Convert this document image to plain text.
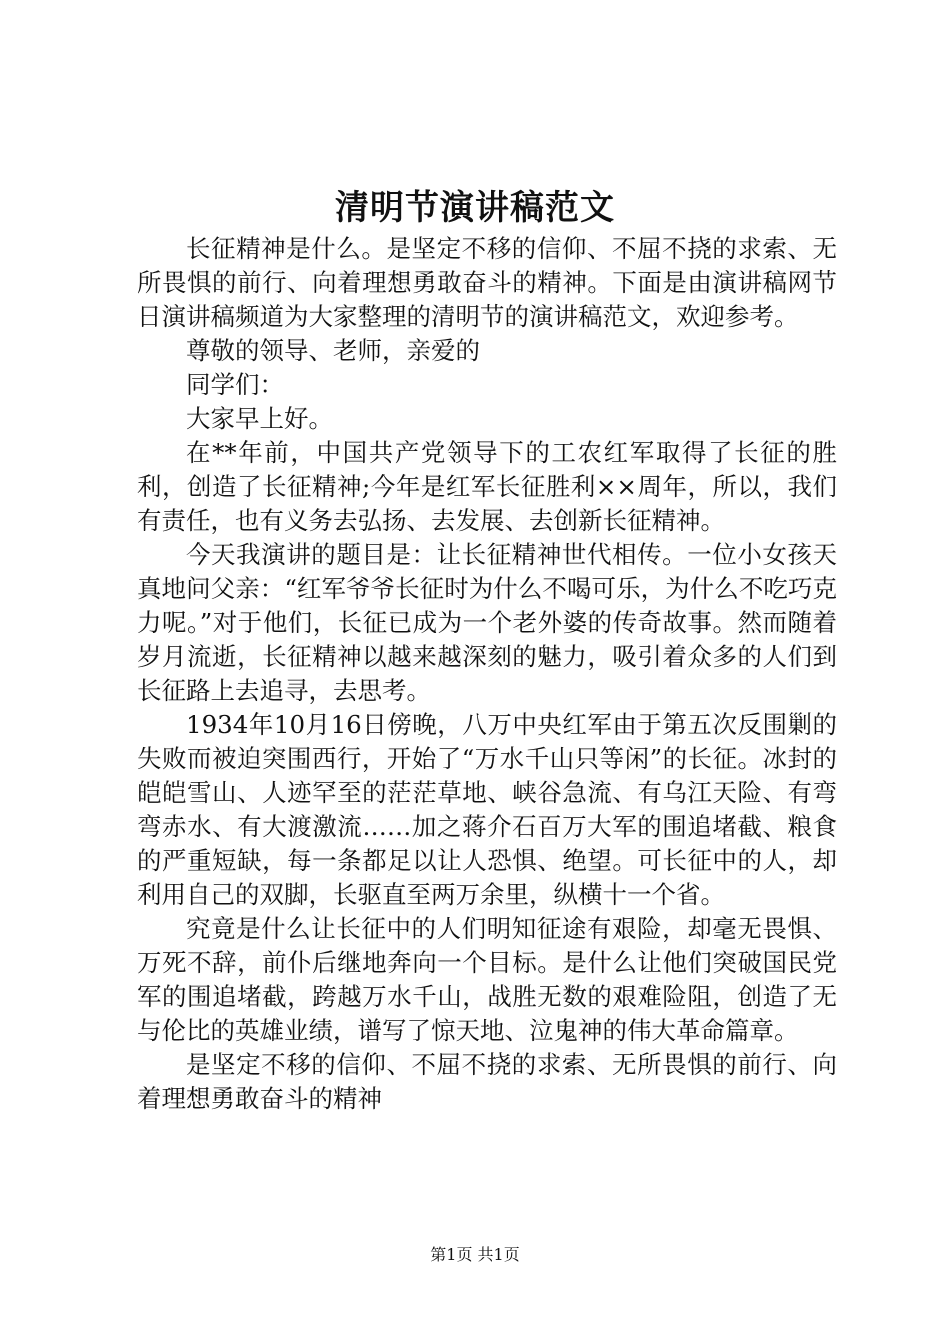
清明节演讲稿范文

长征精神是什么。是坚定不移的信仰、不屈不挠的求索、无所畏惧的前行、向着理想勇敢奋斗的精神。下面是由演讲稿网节日演讲稿频道为大家整理的清明节的演讲稿范文，欢迎参考。

尊敬的领导、老师，亲爱的

同学们：

大家早上好。

在**年前，中国共产党领导下的工农红军取得了长征的胜利，创造了长征精神;今年是红军长征胜利××周年，所以，我们有责任，也有义务去弘扬、去发展、去创新长征精神。

今天我演讲的题目是：让长征精神世代相传。一位小女孩天真地问父亲：“红军爷爷长征时为什么不喝可乐，为什么不吃巧克力呢。”对于他们，长征已成为一个老外婆的传奇故事。然而随着岁月流逝，长征精神以越来越深刻的魅力，吸引着众多的人们到长征路上去追寻，去思考。

1934年10月16日傍晚，八万中央红军由于第五次反围剿的失败而被迫突围西行，开始了“万水千山只等闲”的长征。冰封的皑皑雪山、人迹罕至的茫茫草地、峡谷急流、有乌江天险、有弯弯赤水、有大渡激流……加之蒋介石百万大军的围追堵截、粮食的严重短缺，每一条都足以让人恐惧、绝望。可长征中的人，却利用自己的双脚，长驱直至两万余里，纵横十一个省。

究竟是什么让长征中的人们明知征途有艰险，却毫无畏惧、万死不辞，前仆后继地奔向一个目标。是什么让他们突破国民党军的围追堵截，跨越万水千山，战胜无数的艰难险阻，创造了无与伦比的英雄业绩，谱写了惊天地、泣鬼神的伟大革命篇章。

是坚定不移的信仰、不屈不挠的求索、无所畏惧的前行、向着理想勇敢奋斗的精神

第1页 共1页
